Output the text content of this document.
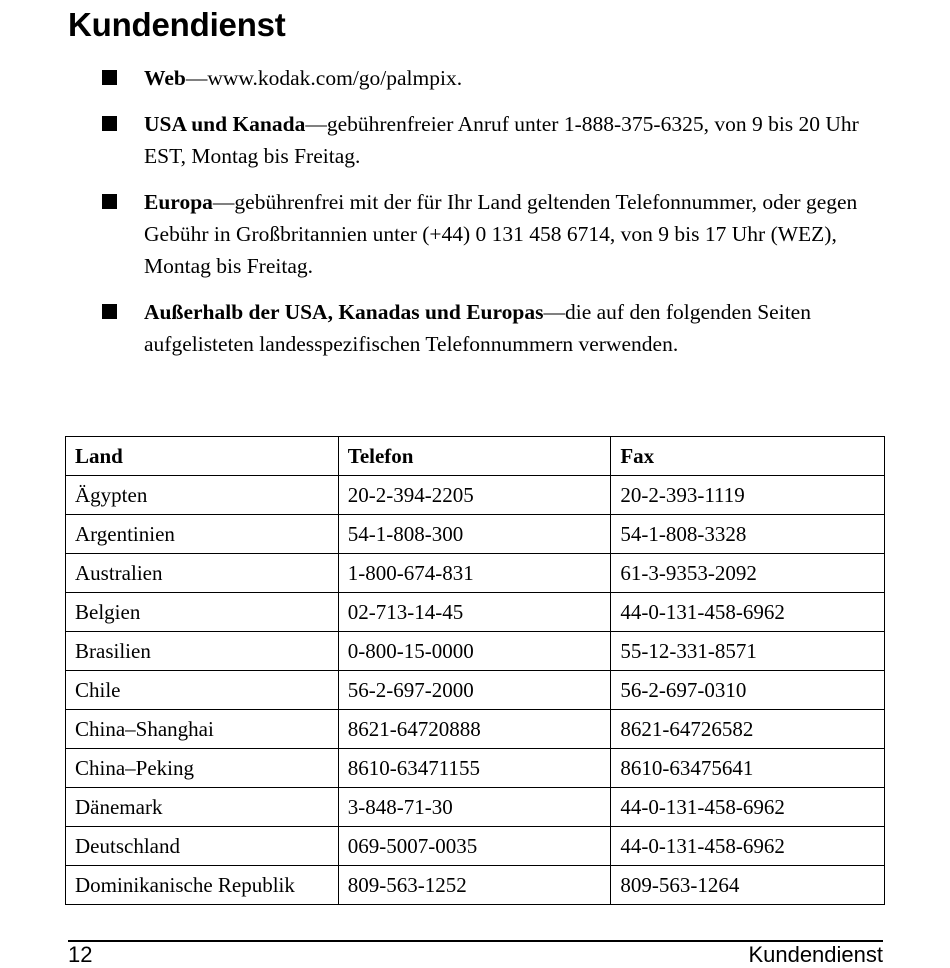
Kundendienst
Web—www.kodak.com/go/palmpix.
USA und Kanada—gebührenfreier Anruf unter 1-888-375-6325, von 9 bis 20 Uhr EST, Montag bis Freitag.
Europa—gebührenfrei mit der für Ihr Land geltenden Telefonnummer, oder gegen Gebühr in Großbritannien unter (+44) 0 131 458 6714, von 9 bis 17 Uhr (WEZ), Montag bis Freitag.
Außerhalb der USA, Kanadas und Europas—die auf den folgenden Seiten aufgelisteten landesspezifischen Telefonnummern verwenden.
Land	Telefon	Fax
Ägypten	20-2-394-2205	20-2-393-1119
Argentinien	54-1-808-300	54-1-808-3328
Australien	1-800-674-831	61-3-9353-2092
Belgien	02-713-14-45	44-0-131-458-6962
Brasilien	0-800-15-0000	55-12-331-8571
Chile	56-2-697-2000	56-2-697-0310
China–Shanghai	8621-64720888	8621-64726582
China–Peking	8610-63471155	8610-63475641
Dänemark	3-848-71-30	44-0-131-458-6962
Deutschland	069-5007-0035	44-0-131-458-6962
Dominikanische Republik	809-563-1252	809-563-1264
12	Kundendienst
